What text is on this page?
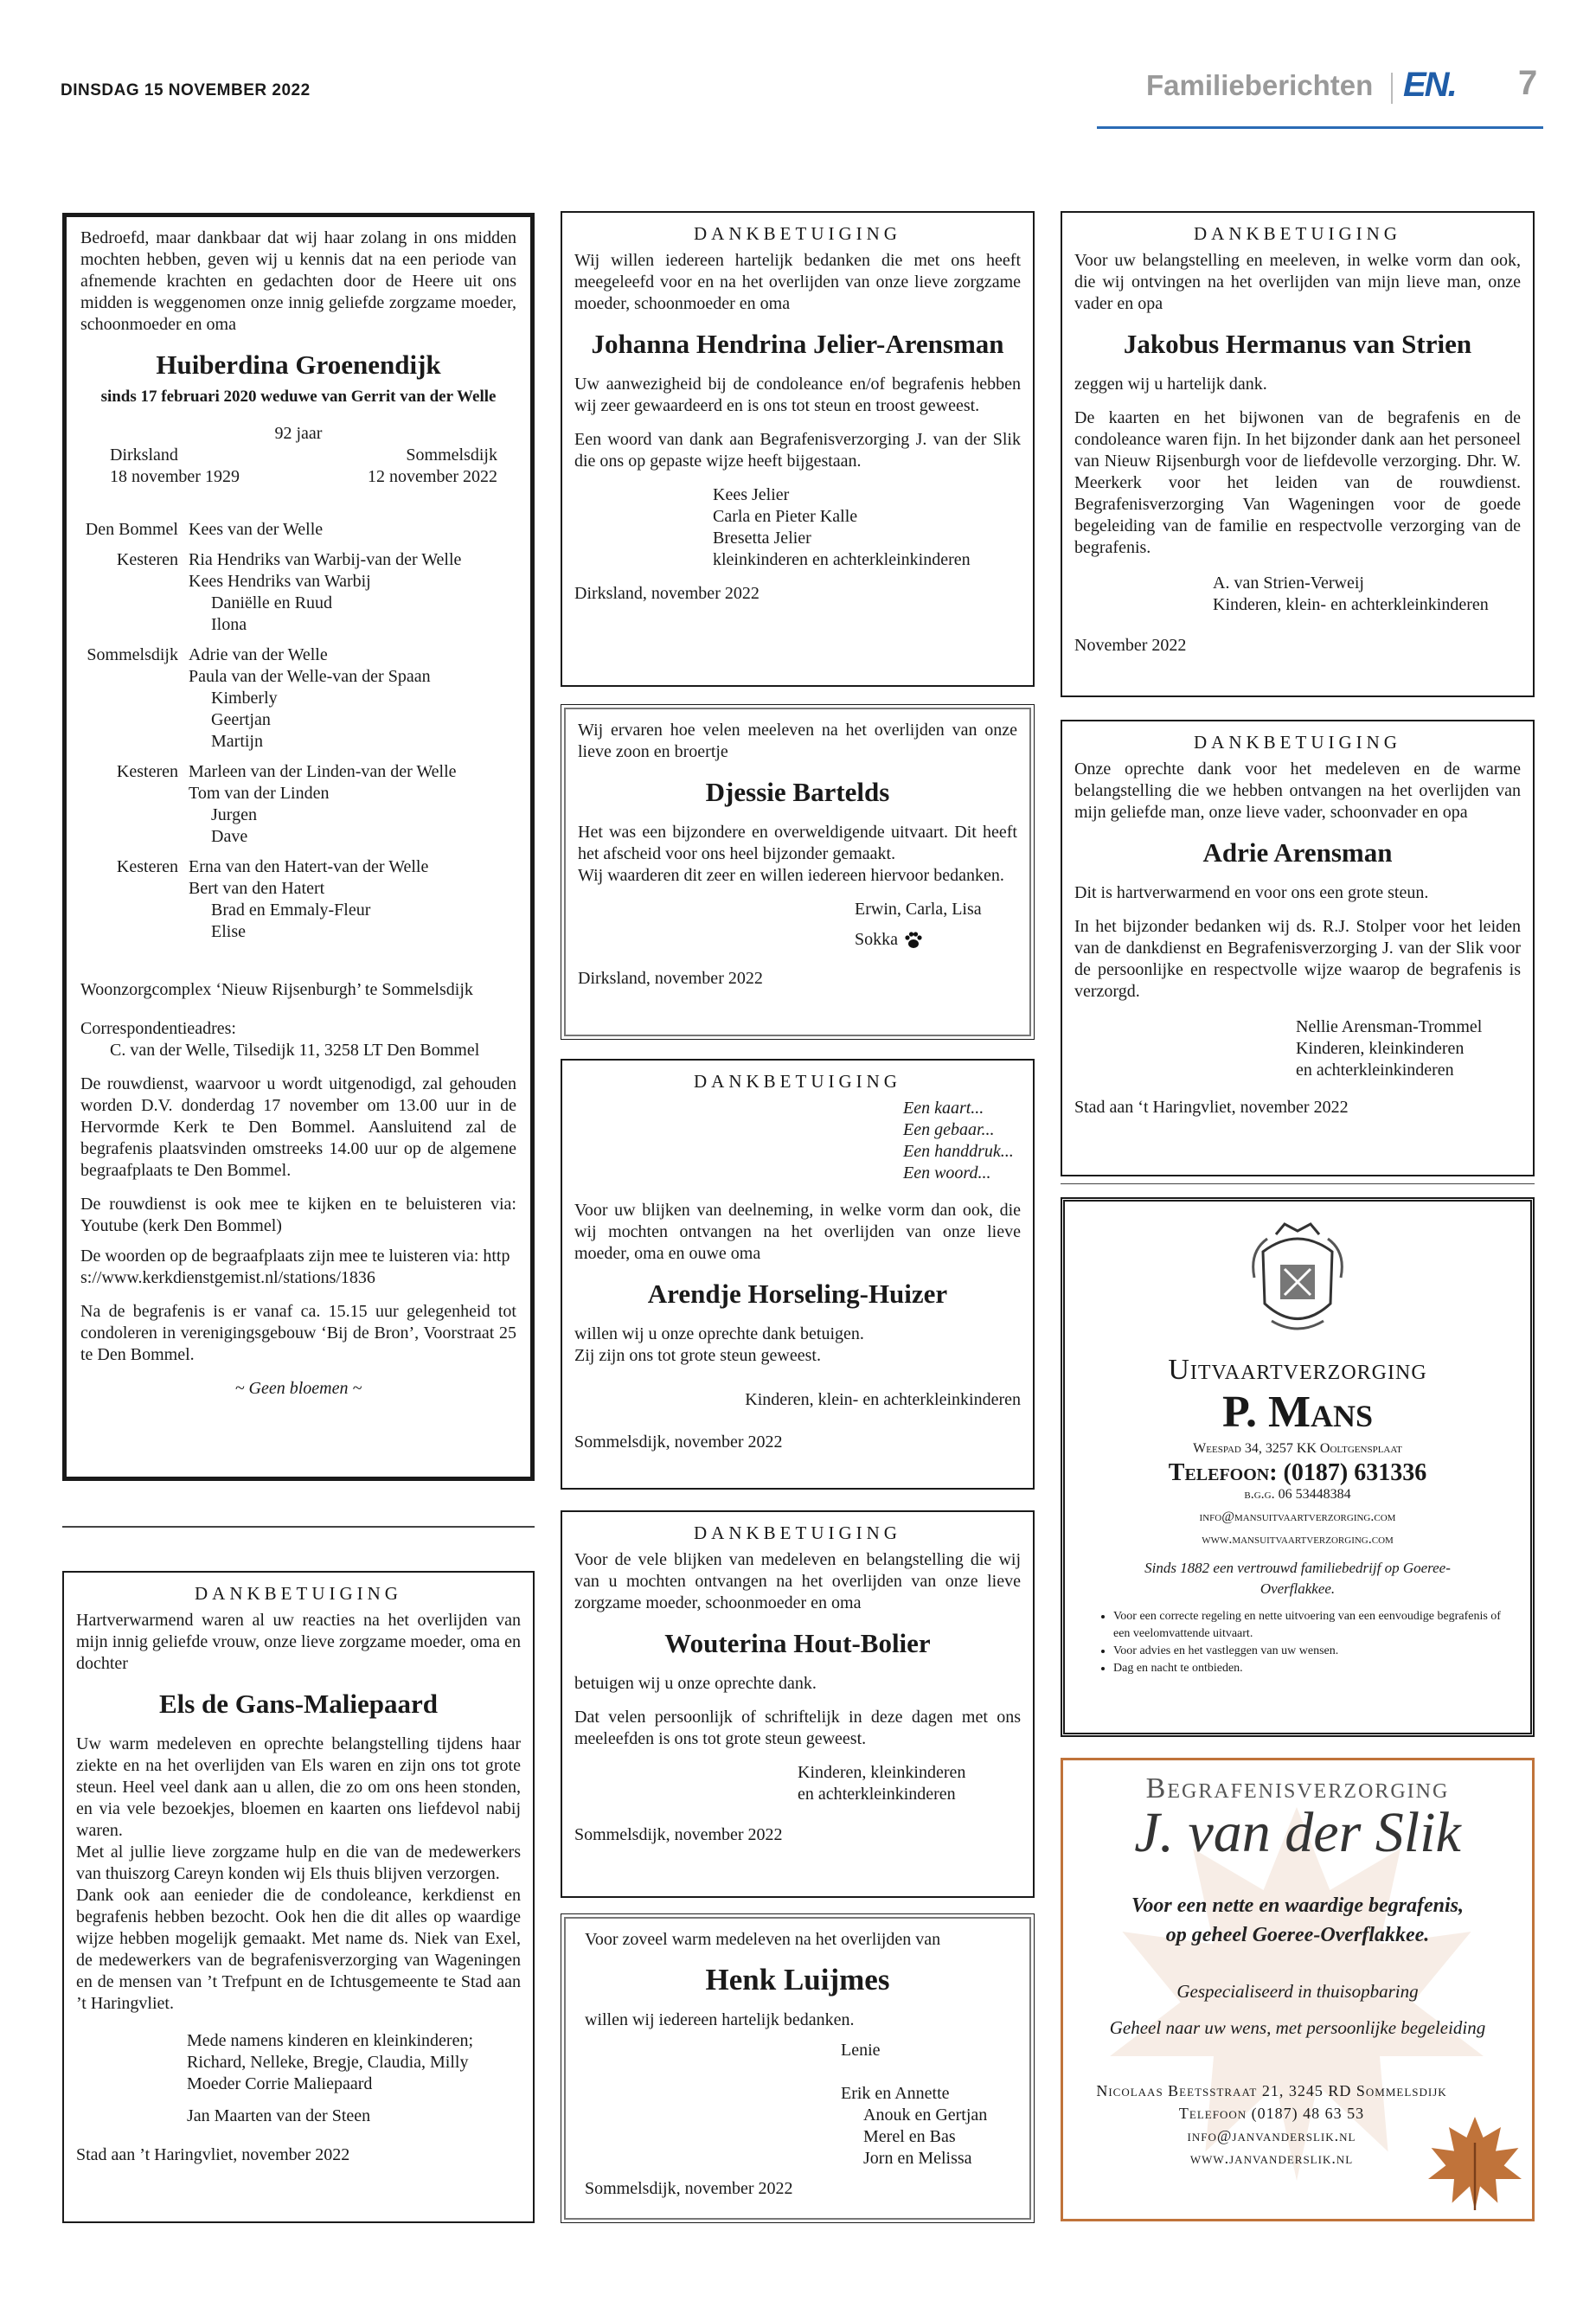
DINSDAG 15 NOVEMBER 2022	Familieberichten EN. 7
Bedroefd, maar dankbaar dat wij haar zolang in ons midden mochten hebben, geven wij u kennis dat na een periode van afnemende krachten en gedachten door de Heere uit ons midden is weggenomen onze innig geliefde zorgzame moeder, schoonmoeder en oma
Huiberdina Groenendijk
sinds 17 februari 2020 weduwe van Gerrit van der Welle
92 jaar
Dirksland
18 november 1929
Sommelsdijk
12 november 2022
Den Bommel Kees van der Welle
Kesteren Ria Hendriks van Warbij-van der Welle
Kees Hendriks van Warbij
Daniëlle en Ruud
Ilona
Sommelsdijk Adrie van der Welle
Paula van der Welle-van der Spaan
Kimberly
Geertjan
Martijn
Kesteren Marleen van der Linden-van der Welle
Tom van der Linden
Jurgen
Dave
Kesteren Erna van den Hatert-van der Welle
Bert van den Hatert
Brad en Emmaly-Fleur
Elise
Woonzorgcomplex ‘Nieuw Rijsenburgh’ te Sommelsdijk
Correspondentieadres:
C. van der Welle, Tilsedijk 11, 3258 LT Den Bommel
De rouwdienst, waarvoor u wordt uitgenodigd, zal gehouden worden D.V. donderdag 17 november om 13.00 uur in de Hervormde Kerk te Den Bommel. Aansluitend zal de begrafenis plaatsvinden omstreeks 14.00 uur op de algemene begraafplaats te Den Bommel.
De rouwdienst is ook mee te kijken en te beluisteren via: Youtube (kerk Den Bommel)
De woorden op de begraafplaats zijn mee te luisteren via: https://www.kerkdienstgemist.nl/stations/1836
Na de begrafenis is er vanaf ca. 15.15 uur gelegenheid tot condoleren in verenigingsgebouw ‘Bij de Bron’, Voorstraat 25 te Den Bommel.
~ Geen bloemen ~
DANKBETUIGING
Hartverwarmend waren al uw reacties na het overlijden van mijn innig geliefde vrouw, onze lieve zorgzame moeder, oma en dochter
Els de Gans-Maliepaard
Uw warm medeleven en oprechte belangstelling tijdens haar ziekte en na het overlijden van Els waren en zijn ons tot grote steun. Heel veel dank aan u allen, die zo om ons heen stonden, en via vele bezoekjes, bloemen en kaarten ons liefdevol nabij waren.
Met al jullie lieve zorgzame hulp en die van de medewerkers van thuiszorg Careyn konden wij Els thuis blijven verzorgen.
Dank ook aan eenieder die de condoleance, kerkdienst en begrafenis hebben bezocht. Ook hen die dit alles op waardige wijze hebben mogelijk gemaakt. Met name ds. Niek van Exel, de medewerkers van de begrafenisverzorging van Wageningen en de mensen van ’t Trefpunt en de Ichtusgemeente te Stad aan ’t Haringvliet.
Mede namens kinderen en kleinkinderen;
Richard, Nelleke, Bregje, Claudia, Milly
Moeder Corrie Maliepaard
Jan Maarten van der Steen
Stad aan ’t Haringvliet, november 2022
DANKBETUIGING
Wij willen iedereen hartelijk bedanken die met ons heeft meegeleefd voor en na het overlijden van onze lieve zorgzame moeder, schoonmoeder en oma
Johanna Hendrina Jelier-Arensman
Uw aanwezigheid bij de condoleance en/of begrafenis hebben wij zeer gewaardeerd en is ons tot steun en troost geweest.
Een woord van dank aan Begrafenisverzorging J. van der Slik die ons op gepaste wijze heeft bijgestaan.
Kees Jelier
Carla en Pieter Kalle
Bresetta Jelier
kleinkinderen en achterkleinkinderen
Dirksland, november 2022
Wij ervaren hoe velen meeleven na het overlijden van onze lieve zoon en broertje
Djessie Bartelds
Het was een bijzondere en overweldigende uitvaart. Dit heeft het afscheid voor ons heel bijzonder gemaakt.
Wij waarderen dit zeer en willen iedereen hiervoor bedanken.
Erwin, Carla, Lisa
Sokka
Dirksland, november 2022
DANKBETUIGING
Een kaart...
Een gebaar...
Een handdruk...
Een woord...
Voor uw blijken van deelneming, in welke vorm dan ook, die wij mochten ontvangen na het overlijden van onze lieve moeder, oma en ouwe oma
Arendje Horseling-Huizer
willen wij u onze oprechte dank betuigen.
Zij zijn ons tot grote steun geweest.
Kinderen, klein- en achterkleinkinderen
Sommelsdijk, november 2022
DANKBETUIGING
Voor de vele blijken van medeleven en belangstelling die wij van u mochten ontvangen na het overlijden van onze lieve zorgzame moeder, schoonmoeder en oma
Wouterina Hout-Bolier
betuigen wij u onze oprechte dank.
Dat velen persoonlijk of schriftelijk in deze dagen met ons meeleefden is ons tot grote steun geweest.
Kinderen, kleinkinderen
en achterkleinkinderen
Sommelsdijk, november 2022
Voor zoveel warm medeleven na het overlijden van
Henk Luijmes
willen wij iedereen hartelijk bedanken.
Lenie

Erik en Annette
Anouk en Gertjan
Merel en Bas
Jorn en Melissa
Sommelsdijk, november 2022
DANKBETUIGING
Voor uw belangstelling en meeleven, in welke vorm dan ook, die wij ontvingen na het overlijden van mijn lieve man, onze vader en opa
Jakobus Hermanus van Strien
zeggen wij u hartelijk dank.
De kaarten en het bijwonen van de begrafenis en de condoleance waren fijn. In het bijzonder dank aan het personeel van Nieuw Rijsenburgh voor de liefdevolle verzorging. Dhr. W. Meerkerk voor het leiden van de rouwdienst. Begrafenisverzorging Van Wageningen voor de goede begeleiding van de familie en respectvolle verzorging van de begrafenis.
A. van Strien-Verweij
Kinderen, klein- en achterkleinkinderen
November 2022
DANKBETUIGING
Onze oprechte dank voor het medeleven en de warme belangstelling die we hebben ontvangen na het overlijden van mijn geliefde man, onze lieve vader, schoonvader en opa
Adrie Arensman
Dit is hartverwarmend en voor ons een grote steun.
In het bijzonder bedanken wij ds. R.J. Stolper voor het leiden van de dankdienst en Begrafenisverzorging J. van der Slik voor de persoonlijke en respectvolle wijze waarop de begrafenis is verzorgd.
Nellie Arensman-Trommel
Kinderen, kleinkinderen
en achterkleinkinderen
Stad aan ‘t Haringvliet, november 2022
Uitvaartverzorging
P. Mans
Weespad 34, 3257 KK Ooltgensplaat
Telefoon: (0187) 631336
b.g.g. 06 53448384
info@mansuitvaartverzorging.com
www.mansuitvaartverzorging.com
Sinds 1882 een vertrouwd familiebedrijf op Goeree-Overflakkee.
• Voor een correcte regeling en nette uitvoering van een eenvoudige begrafenis of een veelomvattende uitvaart.
• Voor advies en het vastleggen van uw wensen.
• Dag en nacht te ontbieden.
Begrafenisverzorging
J. van der Slik
Voor een nette en waardige begrafenis,
op geheel Goeree-Overflakkee.
Gespecialiseerd in thuisopbaring
Geheel naar uw wens, met persoonlijke begeleiding
Nicolaas Beetsstraat 21, 3245 RD Sommelsdijk
Telefoon (0187) 48 63 53
info@janvanderslik.nl
www.janvanderslik.nl
